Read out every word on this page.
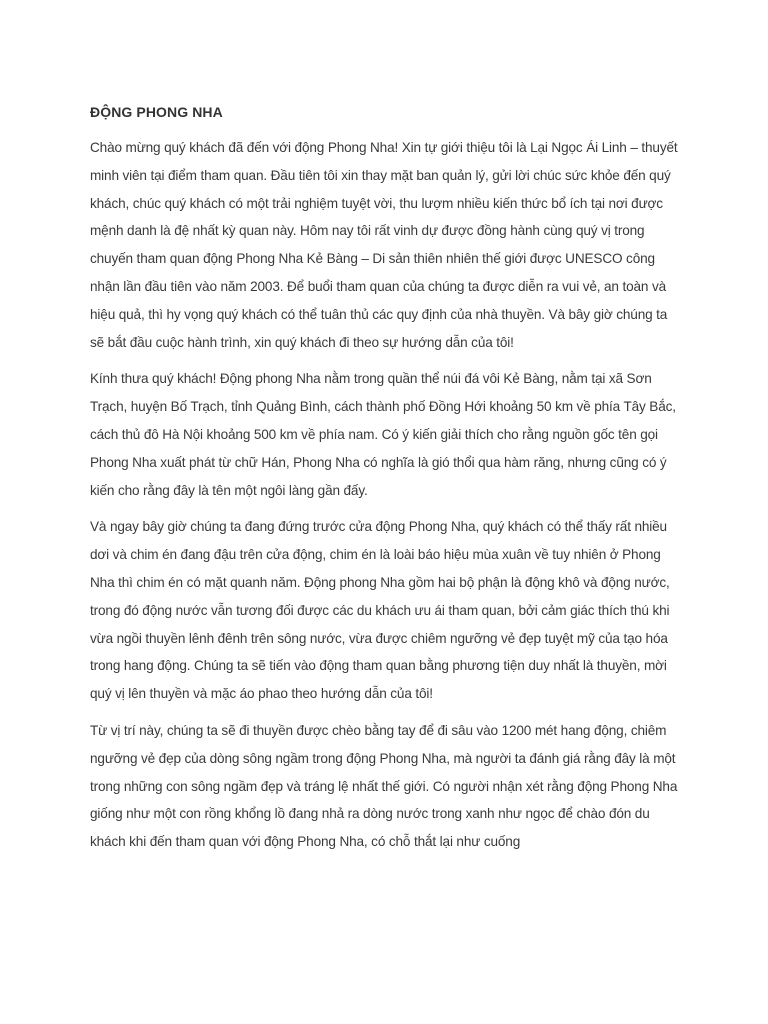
ĐỘNG PHONG NHA

Chào mừng quý khách đã đến với động Phong Nha! Xin tự giới thiệu tôi là Lại Ngọc Ái Linh – thuyết minh viên tại điểm tham quan. Đầu tiên tôi xin thay mặt ban quản lý, gửi lời chúc sức khỏe đến quý khách, chúc quý khách có một trải nghiệm tuyệt vời, thu lượm nhiều kiến thức bổ ích tại nơi được mệnh danh là đệ nhất kỳ quan này. Hôm nay tôi rất vinh dự được đồng hành cùng quý vị trong chuyến tham quan động Phong Nha Kẻ Bàng – Di sản thiên nhiên thế giới được UNESCO công nhận lần đầu tiên vào năm 2003. Để buổi tham quan của chúng ta được diễn ra vui vẻ, an toàn và hiệu quả, thì hy vọng quý khách có thể tuân thủ các quy định của nhà thuyền. Và bây giờ chúng ta sẽ bắt đầu cuộc hành trình, xin quý khách đi theo sự hướng dẫn của tôi!

Kính thưa quý khách! Động phong Nha nằm trong quần thể núi đá vôi Kẻ Bàng, nằm tại xã Sơn Trạch, huyện Bố Trạch, tỉnh Quảng Bình, cách thành phố Đồng Hới khoảng 50 km về phía Tây Bắc, cách thủ đô Hà Nội khoảng 500 km về phía nam. Có ý kiến giải thích cho rằng nguồn gốc tên gọi Phong Nha xuất phát từ chữ Hán, Phong Nha có nghĩa là gió thổi qua hàm răng, nhưng cũng có ý kiến cho rằng đây là tên một ngôi làng gần đấy.

Và ngay bây giờ chúng ta đang đứng trước cửa động Phong Nha, quý khách có thể thấy rất nhiều dơi và chim én đang đậu trên cửa động, chim én là loài báo hiệu mùa xuân về tuy nhiên ở Phong Nha thì chim én có mặt quanh năm. Động phong Nha gồm hai bộ phận là động khô và động nước, trong đó động nước vẫn tương đối được các du khách ưu ái tham quan, bởi cảm giác thích thú khi vừa ngồi thuyền lênh đênh trên sông nước, vừa được chiêm ngưỡng vẻ đẹp tuyệt mỹ của tạo hóa trong hang động. Chúng ta sẽ tiến vào động tham quan bằng phương tiện duy nhất là thuyền, mời quý vị lên thuyền và mặc áo phao theo hướng dẫn của tôi!

Từ vị trí này, chúng ta sẽ đi thuyền được chèo bằng tay để đi sâu vào 1200 mét hang động, chiêm ngưỡng vẻ đẹp của dòng sông ngầm trong động Phong Nha, mà người ta đánh giá rằng đây là một trong những con sông ngầm đẹp và tráng lệ nhất thế giới. Có người nhận xét rằng động Phong Nha giống như một con rồng khổng lồ đang nhả ra dòng nước trong xanh như ngọc để chào đón du khách khi đến tham quan với động Phong Nha, có chỗ thắt lại như cuống
